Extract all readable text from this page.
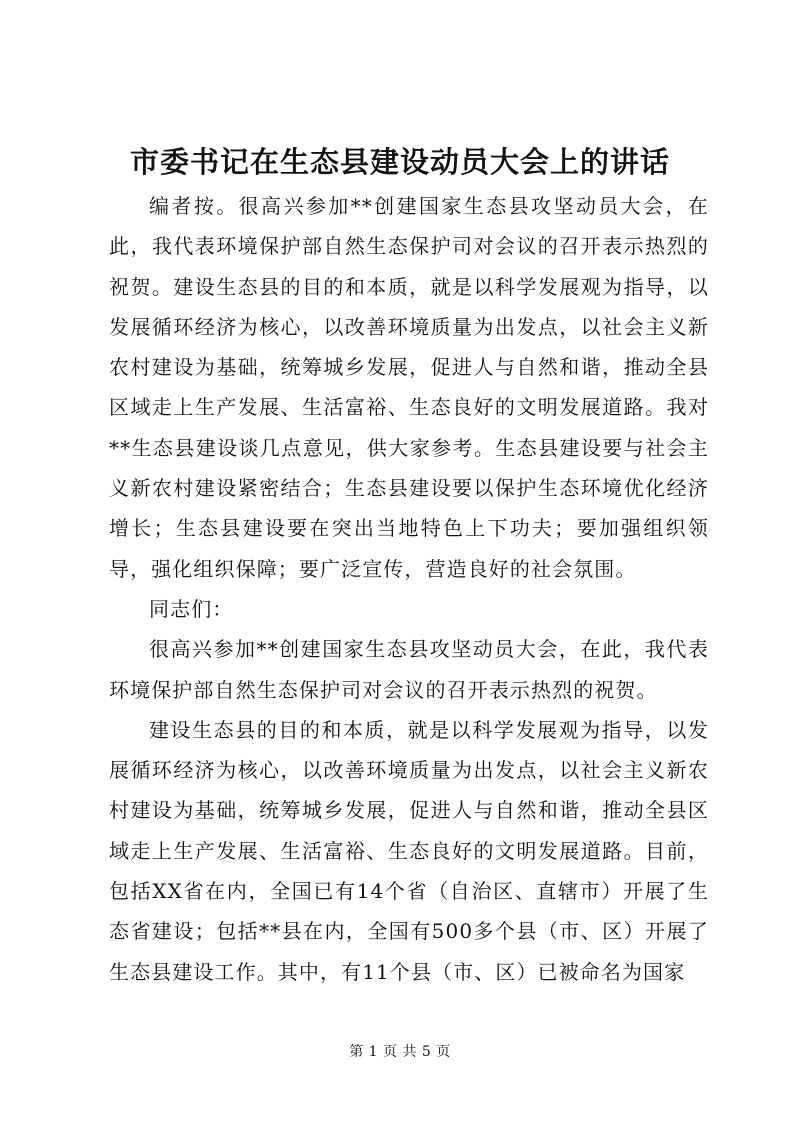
市委书记在生态县建设动员大会上的讲话

编者按。很高兴参加**创建国家生态县攻坚动员大会，在此，我代表环境保护部自然生态保护司对会议的召开表示热烈的祝贺。建设生态县的目的和本质，就是以科学发展观为指导，以发展循环经济为核心，以改善环境质量为出发点，以社会主义新农村建设为基础，统筹城乡发展，促进人与自然和谐，推动全县区域走上生产发展、生活富裕、生态良好的文明发展道路。我对**生态县建设谈几点意见，供大家参考。生态县建设要与社会主义新农村建设紧密结合；生态县建设要以保护生态环境优化经济增长；生态县建设要在突出当地特色上下功夫；要加强组织领导，强化组织保障；要广泛宣传，营造良好的社会氛围。

同志们：

很高兴参加**创建国家生态县攻坚动员大会，在此，我代表环境保护部自然生态保护司对会议的召开表示热烈的祝贺。

建设生态县的目的和本质，就是以科学发展观为指导，以发展循环经济为核心，以改善环境质量为出发点，以社会主义新农村建设为基础，统筹城乡发展，促进人与自然和谐，推动全县区域走上生产发展、生活富裕、生态良好的文明发展道路。目前，包括XX省在内，全国已有14个省（自治区、直辖市）开展了生态省建设；包括**县在内，全国有500多个县（市、区）开展了生态县建设工作。其中，有11个县（市、区）已被命名为国家

第 1 页 共 5 页
